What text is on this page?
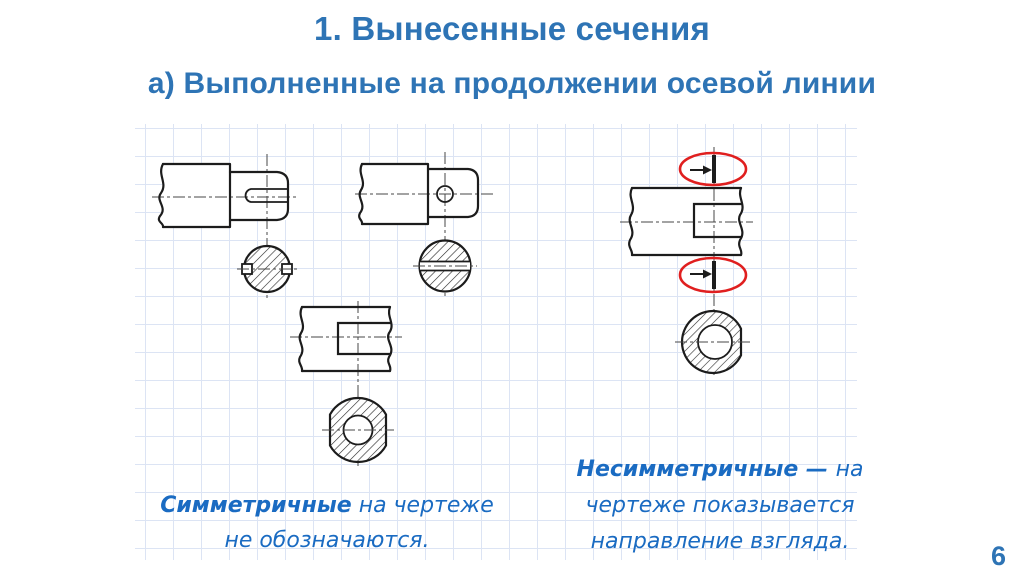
1. Вынесенные сечения
а) Выполненные на продолжении осевой линии
Симметричные на чертеже
не обозначаются.
Несимметричные — на
чертеже показывается
направление взгляда.	6
